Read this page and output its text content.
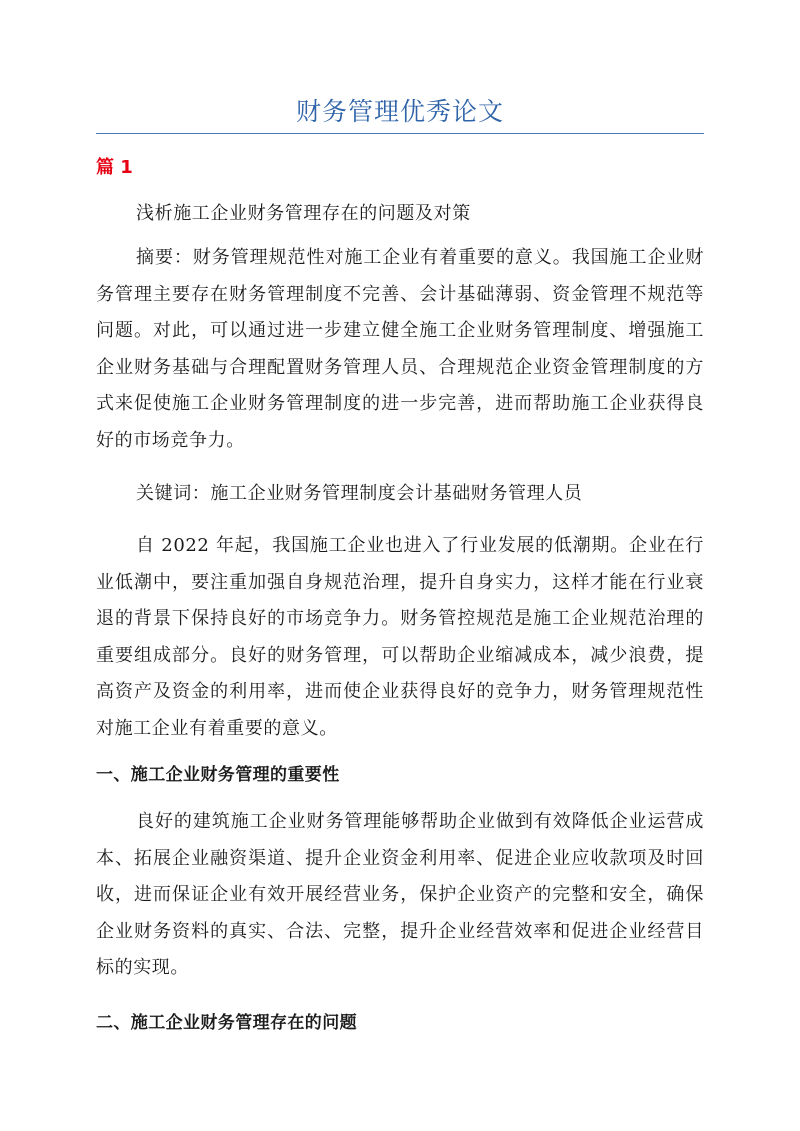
财务管理优秀论文

篇 1

浅析施工企业财务管理存在的问题及对策

摘要：财务管理规范性对施工企业有着重要的意义。我国施工企业财务管理主要存在财务管理制度不完善、会计基础薄弱、资金管理不规范等问题。对此，可以通过进一步建立健全施工企业财务管理制度、增强施工企业财务基础与合理配置财务管理人员、合理规范企业资金管理制度的方式来促使施工企业财务管理制度的进一步完善，进而帮助施工企业获得良好的市场竞争力。

关键词：施工企业财务管理制度会计基础财务管理人员

自 2022 年起，我国施工企业也进入了行业发展的低潮期。企业在行业低潮中，要注重加强自身规范治理，提升自身实力，这样才能在行业衰退的背景下保持良好的市场竞争力。财务管控规范是施工企业规范治理的重要组成部分。良好的财务管理，可以帮助企业缩减成本，减少浪费，提高资产及资金的利用率，进而使企业获得良好的竞争力，财务管理规范性对施工企业有着重要的意义。

一、施工企业财务管理的重要性

良好的建筑施工企业财务管理能够帮助企业做到有效降低企业运营成本、拓展企业融资渠道、提升企业资金利用率、促进企业应收款项及时回收，进而保证企业有效开展经营业务，保护企业资产的完整和安全，确保企业财务资料的真实、合法、完整，提升企业经营效率和促进企业经营目标的实现。

二、施工企业财务管理存在的问题
